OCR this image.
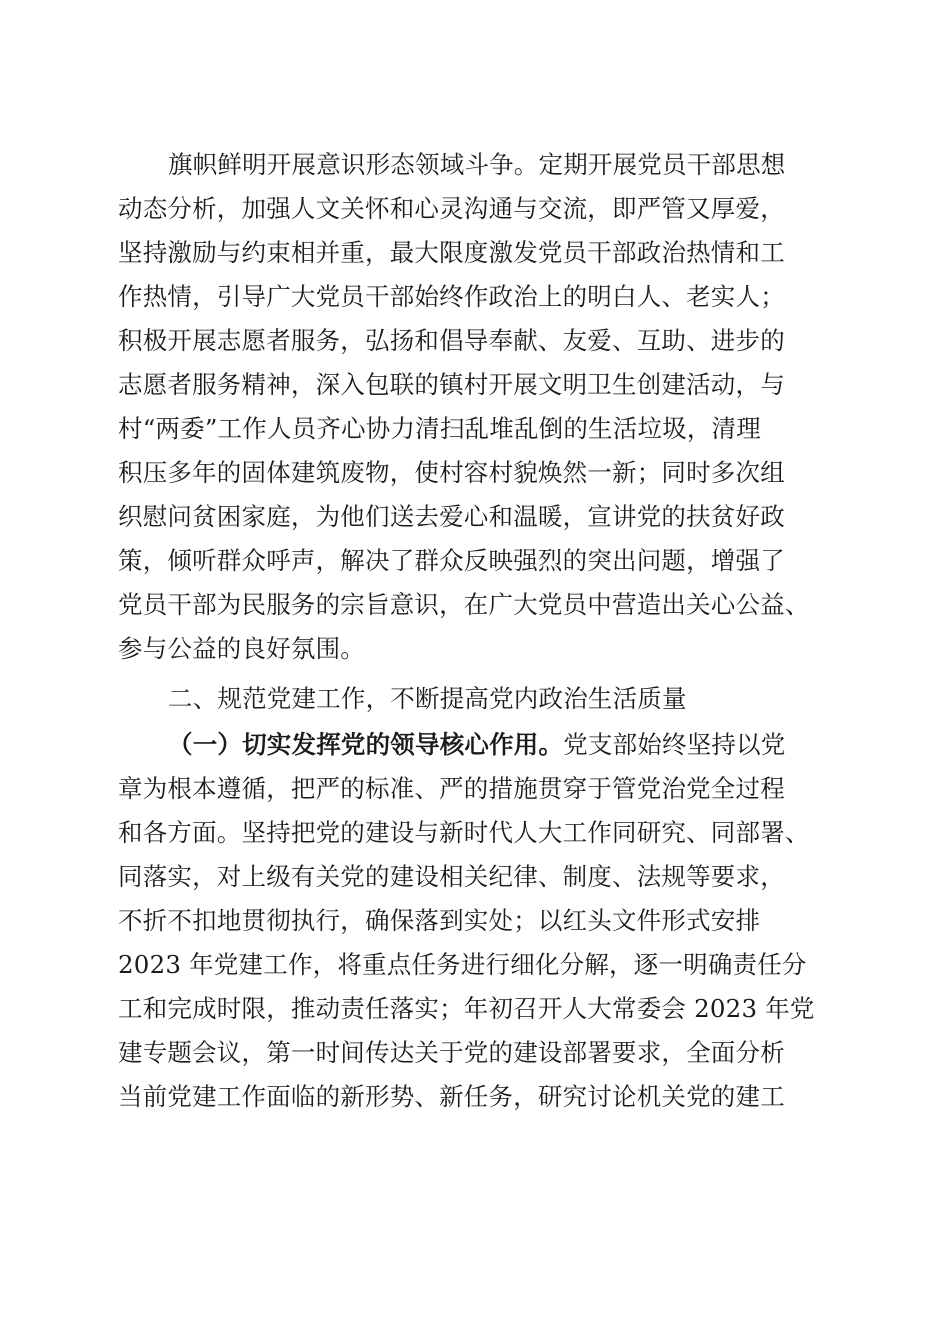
旗帜鲜明开展意识形态领域斗争。定期开展党员干部思想
动态分析，加强人文关怀和心灵沟通与交流，即严管又厚爱，
坚持激励与约束相并重，最大限度激发党员干部政治热情和工
作热情，引导广大党员干部始终作政治上的明白人、老实人；
积极开展志愿者服务，弘扬和倡导奉献、友爱、互助、进步的
志愿者服务精神，深入包联的镇村开展文明卫生创建活动，与
村“两委”工作人员齐心协力清扫乱堆乱倒的生活垃圾，清理
积压多年的固体建筑废物，使村容村貌焕然一新；同时多次组
织慰问贫困家庭，为他们送去爱心和温暖，宣讲党的扶贫好政
策，倾听群众呼声，解决了群众反映强烈的突出问题，增强了
党员干部为民服务的宗旨意识，在广大党员中营造出关心公益、
参与公益的良好氛围。
二、规范党建工作，不断提高党内政治生活质量
（一）切实发挥党的领导核心作用。党支部始终坚持以党
章为根本遵循，把严的标准、严的措施贯穿于管党治党全过程
和各方面。坚持把党的建设与新时代人大工作同研究、同部署、
同落实，对上级有关党的建设相关纪律、制度、法规等要求，
不折不扣地贯彻执行，确保落到实处；以红头文件形式安排
2023 年党建工作，将重点任务进行细化分解，逐一明确责任分
工和完成时限，推动责任落实；年初召开人大常委会 2023 年党
建专题会议，第一时间传达关于党的建设部署要求，全面分析
当前党建工作面临的新形势、新任务，研究讨论机关党的建工
